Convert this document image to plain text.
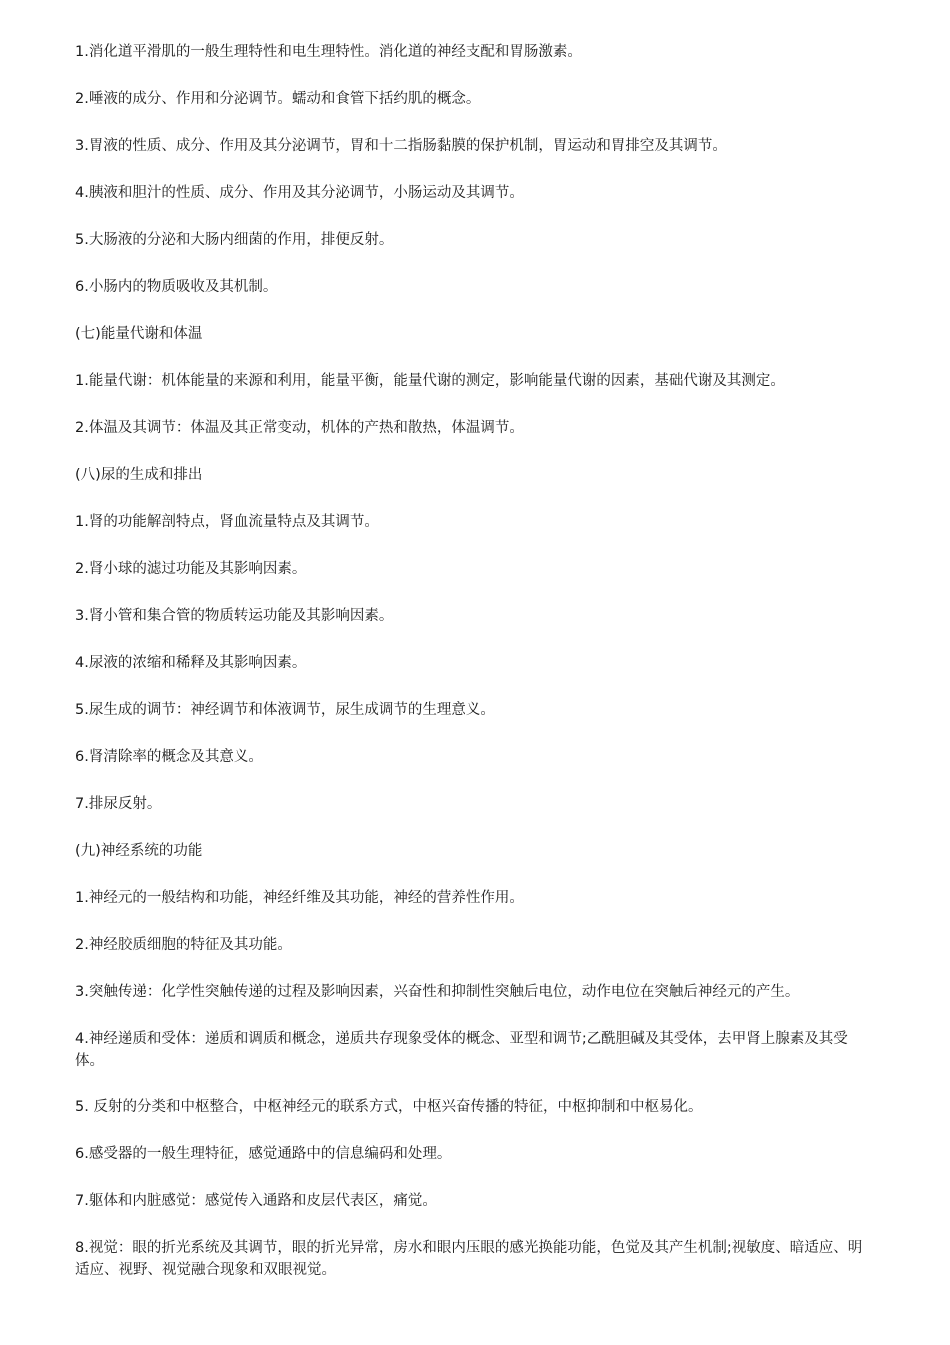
1.消化道平滑肌的一般生理特性和电生理特性。消化道的神经支配和胃肠激素。
2.唾液的成分、作用和分泌调节。蠕动和食管下括约肌的概念。
3.胃液的性质、成分、作用及其分泌调节，胃和十二指肠黏膜的保护机制，胃运动和胃排空及其调节。
4.胰液和胆汁的性质、成分、作用及其分泌调节，小肠运动及其调节。
5.大肠液的分泌和大肠内细菌的作用，排便反射。
6.小肠内的物质吸收及其机制。
(七)能量代谢和体温
1.能量代谢：机体能量的来源和利用，能量平衡，能量代谢的测定，影响能量代谢的因素，基础代谢及其测定。
2.体温及其调节：体温及其正常变动，机体的产热和散热，体温调节。
(八)尿的生成和排出
1.肾的功能解剖特点，肾血流量特点及其调节。
2.肾小球的滤过功能及其影响因素。
3.肾小管和集合管的物质转运功能及其影响因素。
4.尿液的浓缩和稀释及其影响因素。
5.尿生成的调节：神经调节和体液调节，尿生成调节的生理意义。
6.肾清除率的概念及其意义。
7.排尿反射。
(九)神经系统的功能
1.神经元的一般结构和功能，神经纤维及其功能，神经的营养性作用。
2.神经胶质细胞的特征及其功能。
3.突触传递：化学性突触传递的过程及影响因素，兴奋性和抑制性突触后电位，动作电位在突触后神经元的产生。
4.神经递质和受体：递质和调质和概念，递质共存现象受体的概念、亚型和调节;乙酰胆碱及其受体，去甲肾上腺素及其受体。
5. 反射的分类和中枢整合，中枢神经元的联系方式，中枢兴奋传播的特征，中枢抑制和中枢易化。
6.感受器的一般生理特征，感觉通路中的信息编码和处理。
7.躯体和内脏感觉：感觉传入通路和皮层代表区，痛觉。
8.视觉：眼的折光系统及其调节，眼的折光异常，房水和眼内压眼的感光换能功能，色觉及其产生机制;视敏度、暗适应、明适应、视野、视觉融合现象和双眼视觉。
